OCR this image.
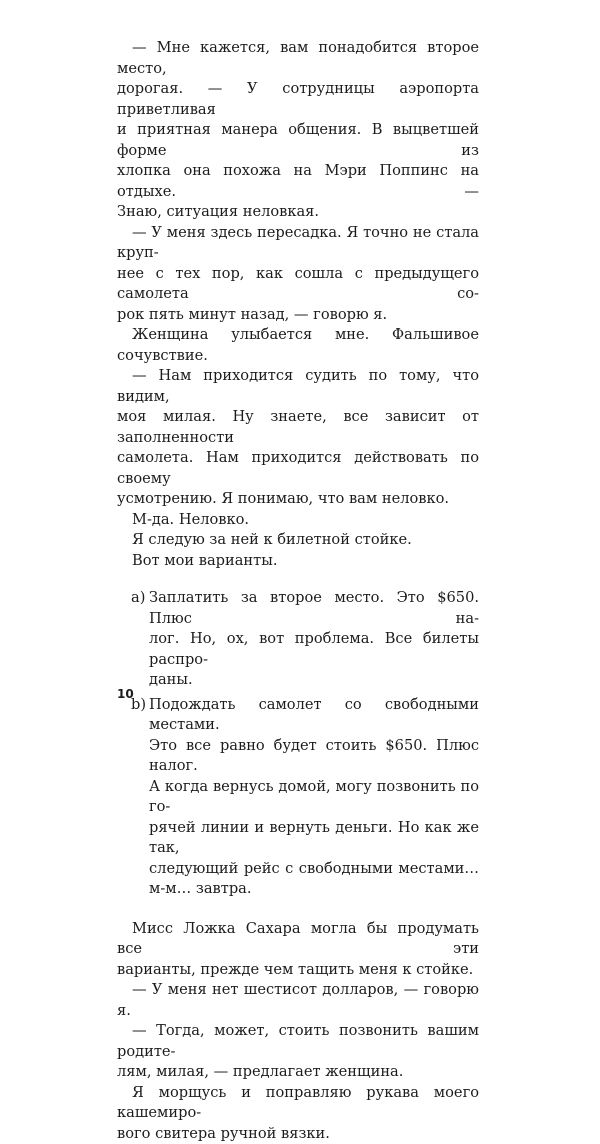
— Мне кажется, вам понадобится второе место,
дорогая. — У сотрудницы аэропорта приветливая
и приятная манера общения. В выцветшей форме из
хлопка она похожа на Мэри Поппинс на отдыхе. —
Знаю, ситуация неловкая.

— У меня здесь пересадка. Я точно не стала круп-
нее с тех пор, как сошла с предыдущего самолета со-
рок пять минут назад, — говорю я.

Женщина улыбается мне. Фальшивое сочувствие.

— Нам приходится судить по тому, что видим,
моя милая. Ну знаете, все зависит от заполненности
самолета. Нам приходится действовать по своему
усмотрению. Я понимаю, что вам неловко.

М-да. Неловко.

Я следую за ней к билетной стойке.

Вот мои варианты.

a) Заплатить за второе место. Это $650. Плюс на-
лог. Но, ох, вот проблема. Все билеты распро-
даны.
b) Подождать самолет со свободными местами.
Это все равно будет стоить $650. Плюс налог.
А когда вернусь домой, могу позвонить по го-
рячей линии и вернуть деньги. Но как же так,
следующий рейс с свободными местами…
м-м… завтра.

Мисс Ложка Сахара могла бы продумать все эти
варианты, прежде чем тащить меня к стойке.

— У меня нет шестисот долларов, — говорю я.

— Тогда, может, стоить позвонить вашим родите-
лям, милая, — предлагает женщина.

Я морщусь и поправляю рукава моего кашемиро-
вого свитера ручной вязки.

10
